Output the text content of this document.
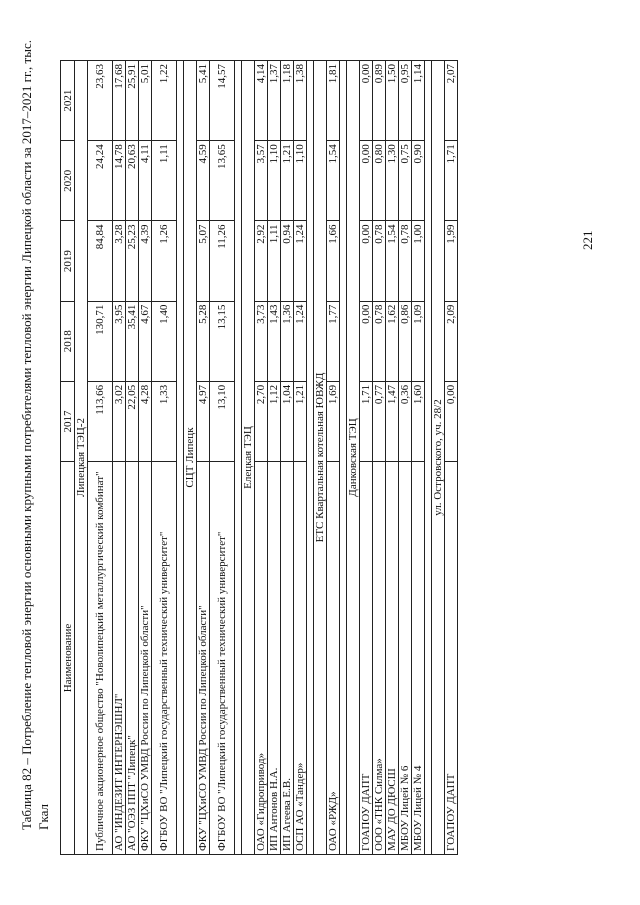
Таблица 82 – Потребление тепловой энергии основными крупными потребителями тепловой энергии Липецкой области за 2017–2021 гг., тыс. Гкал
Наименование	2017	2018	2019	2020	2021
Липецкая ТЭЦ-2					
Публичное акционерное общество "Новолипецкий металлургический комбинат"	113,66	130,71	84,84	24,24	23,63
АО "ИНДЕЗИТ ИНТЕРНЭШНЛ"	3,02	3,95	3,28	14,78	17,68
АО "ОЭЗ ППТ "Липецк"	22,05	35,41	25,23	20,63	25,91
ФКУ "ЦХиСО УМВД России по Липецкой области"	4,28	4,67	4,39	4,11	5,01
ФГБОУ ВО "Липецкий государственный технический университет"	1,33	1,40	1,26	1,11	1,22

СЦТ Липецк					
ФКУ "ЦХиСО УМВД России по Липецкой области"	4,97	5,28	5,07	4,59	5,41
ФГБОУ ВО "Липецкий государственный технический университет"	13,10	13,15	11,26	13,65	14,57

Елецкая ТЭЦ					
ОАО «Гидропривод»	2,70	3,73	2,92	3,57	4,14
ИП Антонов Н.А.	1,12	1,43	1,11	1,10	1,37
ИП Агеева Е.В.	1,04	1,36	0,94	1,21	1,18
ОСП АО «Тандер»	1,21	1,24	1,24	1,10	1,38

ЕТС Квартальная котельная ЮВЖД					
ОАО «РЖД»	1,69	1,77	1,66	1,54	1,81

Данковская ТЭЦ					
ГОАПОУ ДАПТ	1,71	0,00	0,00	0,00	0,00
ООО «ТНК Силма»	0,77	0,78	0,78	0,80	0,89
МАУ ДО ДЮСШ	1,47	1,62	1,54	1,30	1,50
МБОУ Лицей № 6	0,36	0,86	0,78	0,75	0,95
МБОУ Лицей № 4	1,60	1,09	1,00	0,90	1,14

ул. Островского, уч. 28/2					
ГОАПОУ ДАПТ	0,00	2,09	1,99	1,71	2,07
221
